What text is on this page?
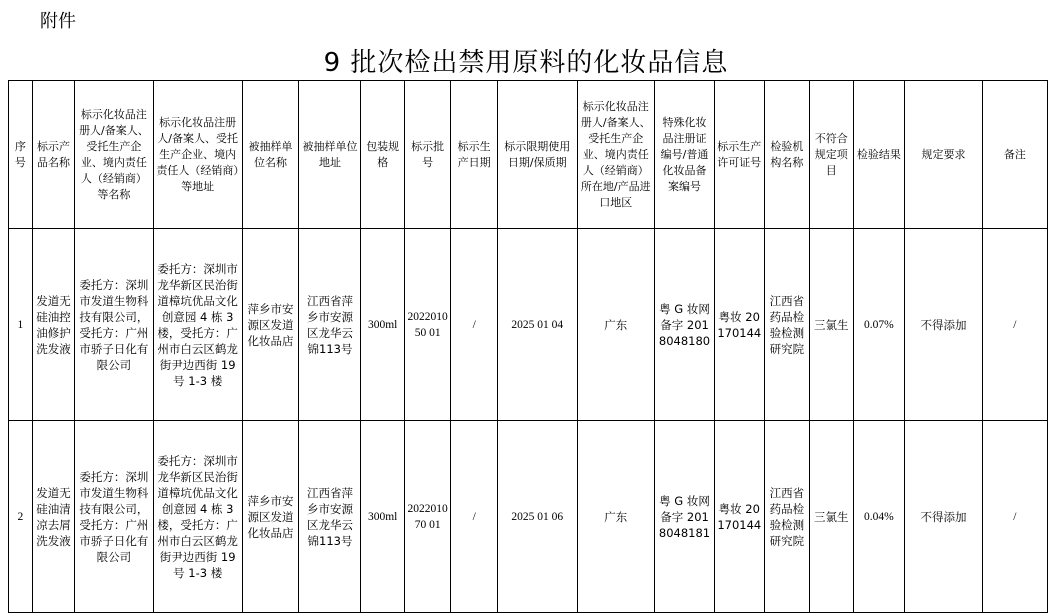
附件
9 批次检出禁用原料的化妆品信息
序号	标示产品名称	标示化妆品注册人/备案人、受托生产企业、境内责任人（经销商）等名称	标示化妆品注册人/备案人、受托生产企业、境内责任人（经销商）等地址	被抽样单位名称	被抽样单位地址	包装规格	标示批号	标示生产日期	标示限期使用日期/保质期	标示化妆品注册人/备案人、受托生产企业、境内责任人（经销商）所在地/产品进口地区	特殊化妆品注册证编号/普通化妆品备案编号	标示生产许可证号	检验机构名称	不符合规定项目	检验结果	规定要求	备注
1	发道无硅油控油修护洗发液	委托方：深圳市发道生物科技有限公司，受托方：广州市骄子日化有限公司	委托方：深圳市龙华新区民治街道樟坑优品文化创意园 4 栋 3 楼，受托方：广州市白云区鹤龙街尹边西街 19 号 1-3 楼	萍乡市安源区发道化妆品店	江西省萍乡市安源区龙华云锦113号	300ml	202201050 01	/	2025 01 04	广东	粤 G 妆网备字 2018048180	粤妆 20170144	江西省药品检验检测研究院	三氯生	0.07%	不得添加	/
2	发道无硅油清凉去屑洗发液	委托方：深圳市发道生物科技有限公司，受托方：广州市骄子日化有限公司	委托方：深圳市龙华新区民治街道樟坑优品文化创意园 4 栋 3 楼，受托方：广州市白云区鹤龙街尹边西街 19 号 1-3 楼	萍乡市安源区发道化妆品店	江西省萍乡市安源区龙华云锦113号	300ml	202201070 01	/	2025 01 06	广东	粤 G 妆网备字 2018048181	粤妆 20170144	江西省药品检验检测研究院	三氯生	0.04%	不得添加	/
